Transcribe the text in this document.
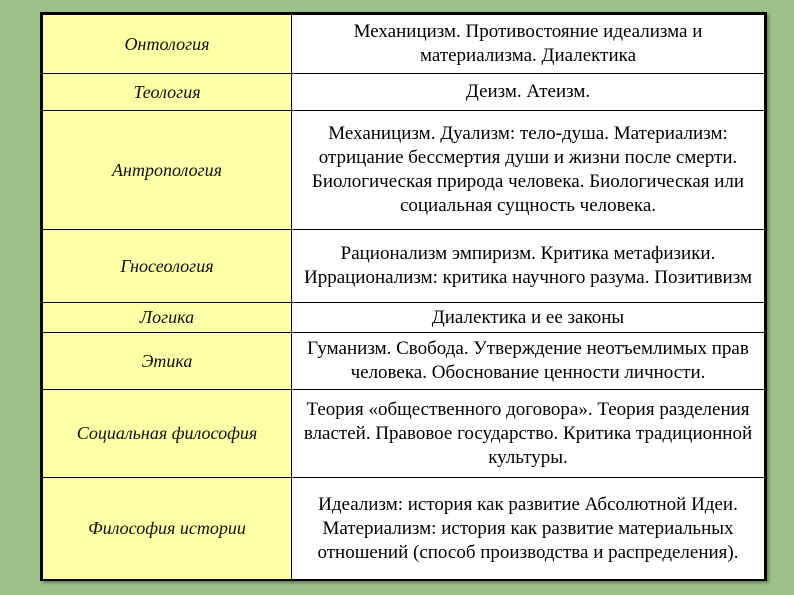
Онтология	Механицизм. Противостояние идеализма и материализма. Диалектика
Теология	Деизм. Атеизм.
Антропология	Механицизм. Дуализм: тело-душа. Материализм: отрицание бессмертия души и жизни после смерти. Биологическая природа человека. Биологическая или социальная сущность человека.

Гносеология	Рационализм эмпиризм. Критика метафизики. Иррационализм: критика научного разума. Позитивизм

Логика	Диалектика и ее законы
Этика	Гуманизм. Свобода. Утверждение неотъемлимых прав человека. Обоснование ценности личности.
Социальная философия	Теория «общественного договора». Теория разделения властей. Правовое государство. Критика традиционной культуры.
Философия истории	Идеализм: история как развитие Абсолютной Идеи. Материализм: история как развитие материальных отношений (способ производства и распределения).
